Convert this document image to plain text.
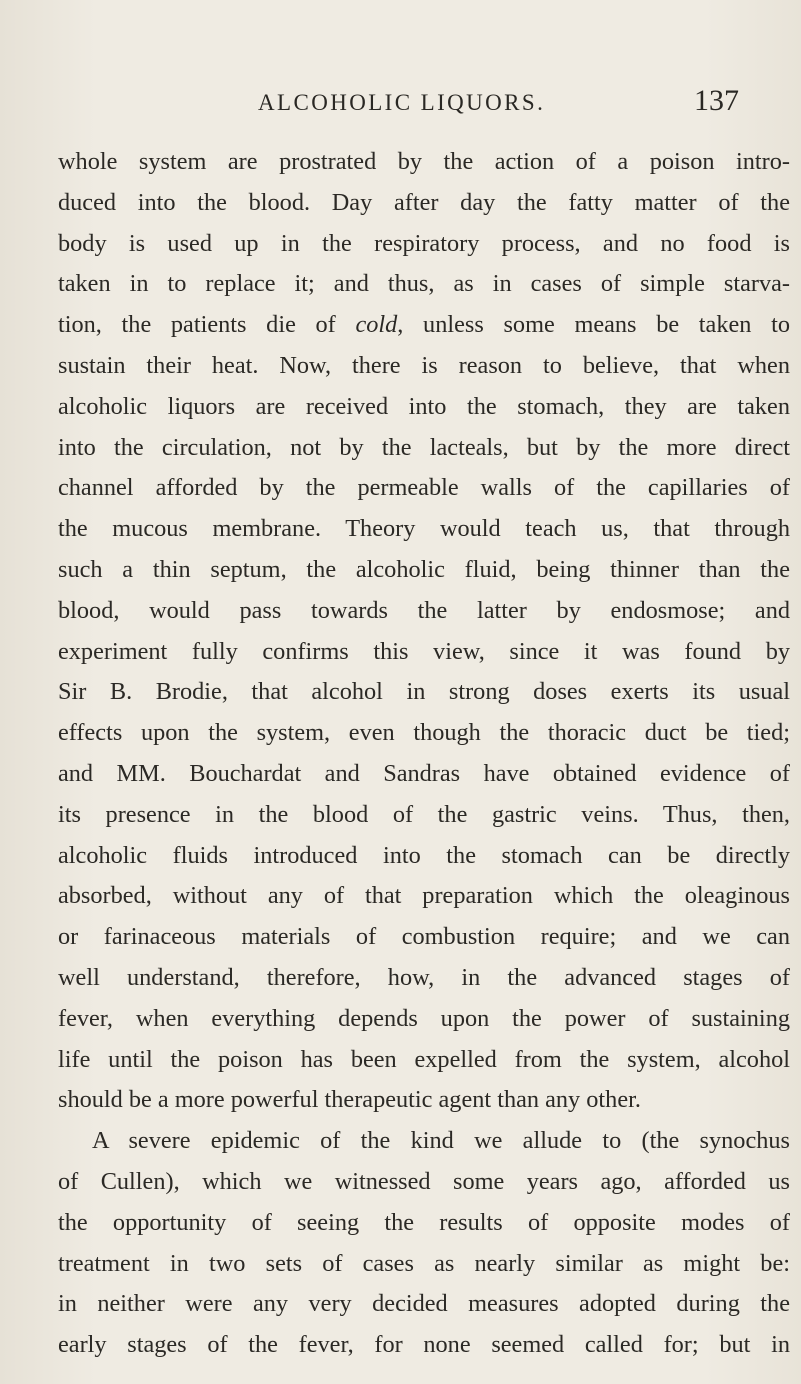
ALCOHOLIC LIQUORS.	137
whole system are prostrated by the action of a poison intro-
duced into the blood. Day after day the fatty matter of the
body is used up in the respiratory process, and no food is
taken in to replace it; and thus, as in cases of simple starva-
tion, the patients die of cold, unless some means be taken to
sustain their heat. Now, there is reason to believe, that when
alcoholic liquors are received into the stomach, they are taken
into the circulation, not by the lacteals, but by the more direct
channel afforded by the permeable walls of the capillaries of
the mucous membrane. Theory would teach us, that through
such a thin septum, the alcoholic fluid, being thinner than the
blood, would pass towards the latter by endosmose; and
experiment fully confirms this view, since it was found by
Sir B. Brodie, that alcohol in strong doses exerts its usual
effects upon the system, even though the thoracic duct be tied;
and MM. Bouchardat and Sandras have obtained evidence of
its presence in the blood of the gastric veins. Thus, then,
alcoholic fluids introduced into the stomach can be directly
absorbed, without any of that preparation which the oleaginous
or farinaceous materials of combustion require; and we can
well understand, therefore, how, in the advanced stages of
fever, when everything depends upon the power of sustaining
life until the poison has been expelled from the system, alcohol
should be a more powerful therapeutic agent than any other.
A severe epidemic of the kind we allude to (the synochus
of Cullen), which we witnessed some years ago, afforded us
the opportunity of seeing the results of opposite modes of
treatment in two sets of cases as nearly similar as might be:
in neither were any very decided measures adopted during the
early stages of the fever, for none seemed called for; but in
